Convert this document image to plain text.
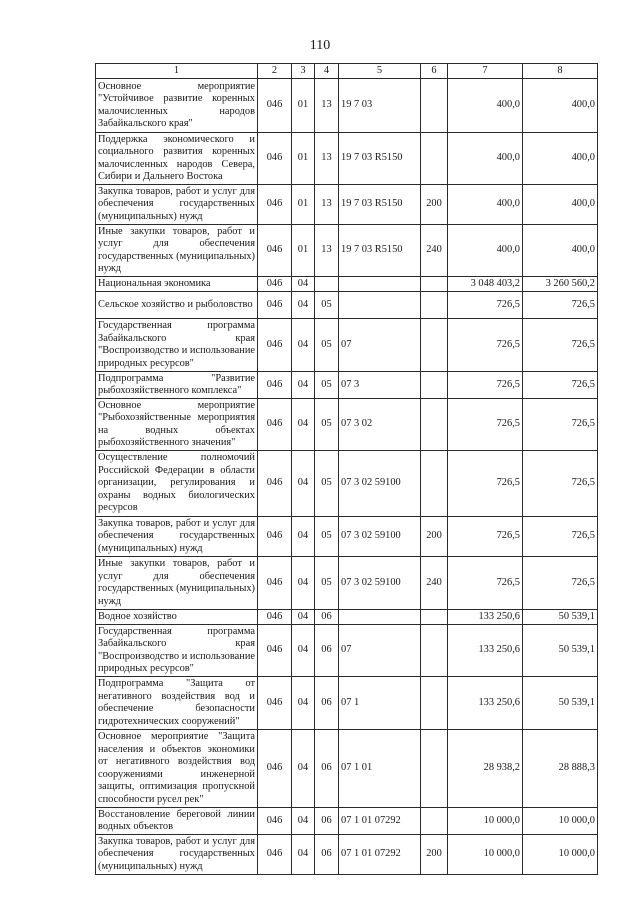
110
1	2	3	4	5	6	7	8
Основное мероприятие "Устойчивое развитие коренных малочисленных народов Забайкальского края"	046	01	13	19 7 03		400,0	400,0
Поддержка экономического и социального развития коренных малочисленных народов Севера, Сибири и Дальнего Востока	046	01	13	19 7 03 R5150		400,0	400,0
Закупка товаров, работ и услуг для обеспечения государственных (муниципальных) нужд	046	01	13	19 7 03 R5150	200	400,0	400,0
Иные закупки товаров, работ и услуг для обеспечения государственных (муниципальных) нужд	046	01	13	19 7 03 R5150	240	400,0	400,0
Национальная экономика	046	04				3 048 403,2	3 260 560,2
Сельское хозяйство и рыболовство	046	04	05			726,5	726,5
Государственная программа Забайкальского края "Воспроизводство и использование природных ресурсов"	046	04	05	07		726,5	726,5
Подпрограмма "Развитие рыбохозяйственного комплекса"	046	04	05	07 3		726,5	726,5
Основное мероприятие "Рыбохозяйственные мероприятия на водных объектах рыбохозяйственного значения"	046	04	05	07 3 02		726,5	726,5
Осуществление полномочий Российской Федерации в области организации, регулирования и охраны водных биологических ресурсов	046	04	05	07 3 02 59100		726,5	726,5
Закупка товаров, работ и услуг для обеспечения государственных (муниципальных) нужд	046	04	05	07 3 02 59100	200	726,5	726,5
Иные закупки товаров, работ и услуг для обеспечения государственных (муниципальных) нужд	046	04	05	07 3 02 59100	240	726,5	726,5
Водное хозяйство	046	04	06			133 250,6	50 539,1
Государственная программа Забайкальского края "Воспроизводство и использование природных ресурсов"	046	04	06	07		133 250,6	50 539,1
Подпрограмма "Защита от негативного воздействия вод и обеспечение безопасности гидротехнических сооружений"	046	04	06	07 1		133 250,6	50 539,1
Основное мероприятие "Защита населения и объектов экономики от негативного воздействия вод сооружениями инженерной защиты, оптимизация пропускной способности русел рек"	046	04	06	07 1 01		28 938,2	28 888,3
Восстановление береговой линии водных объектов	046	04	06	07 1 01 07292		10 000,0	10 000,0
Закупка товаров, работ и услуг для обеспечения государственных (муниципальных) нужд	046	04	06	07 1 01 07292	200	10 000,0	10 000,0
